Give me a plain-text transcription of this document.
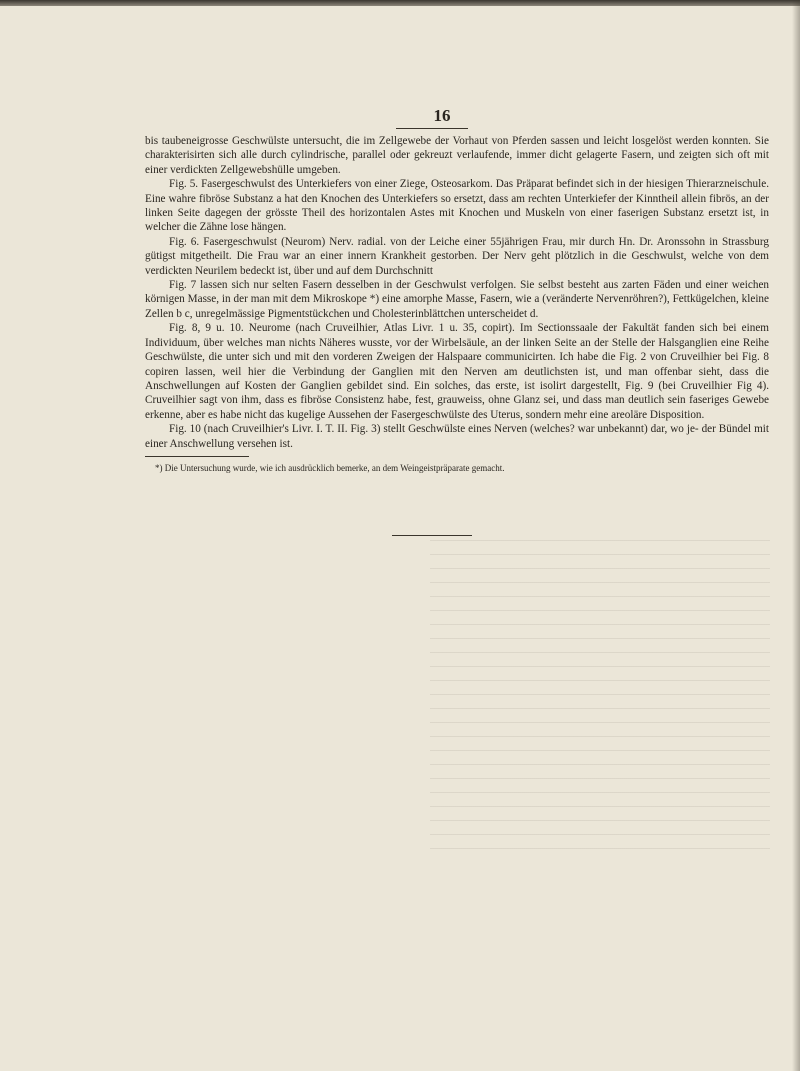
16

bis taubeneigrosse Geschwülste untersucht, die im Zellgewebe der Vorhaut von Pferden sassen und leicht losgelöst werden konnten. Sie charakterisirten sich alle durch cylindrische, parallel oder gekreuzt verlaufende, immer dicht gelagerte Fasern, und zeigten sich oft mit einer verdickten Zellgewebshülle umgeben.

Fig. 5. Fasergeschwulst des Unterkiefers von einer Ziege, Osteosarkom. Das Präparat befindet sich in der hiesigen Thierarzneischule. Eine wahre fibröse Substanz a hat den Knochen des Unterkiefers so ersetzt, dass am rechten Unterkiefer der Kinntheil allein fibrös, an der linken Seite dagegen der grösste Theil des horizontalen Astes mit Knochen und Muskeln von einer faserigen Substanz ersetzt ist, in welcher die Zähne lose hängen.

Fig. 6. Fasergeschwulst (Neurom) Nerv. radial. von der Leiche einer 55jährigen Frau, mir durch Hn. Dr. Aronssohn in Strassburg gütigst mitgetheilt. Die Frau war an einer innern Krankheit gestorben. Der Nerv geht plötzlich in die Geschwulst, welche von dem verdickten Neurilem bedeckt ist, über und auf dem Durchschnitt

Fig. 7 lassen sich nur selten Fasern desselben in der Geschwulst verfolgen. Sie selbst besteht aus zarten Fäden und einer weichen körnigen Masse, in der man mit dem Mikroskope *) eine amorphe Masse, Fasern, wie a (veränderte Nervenröhren?), Fettkügelchen, kleine Zellen b c, unregelmässige Pigmentstückchen und Cholesterinblättchen unterscheidet d.

Fig. 8, 9 u. 10. Neurome (nach Cruveilhier, Atlas Livr. 1 u. 35, copirt). Im Sectionssaale der Fakultät fanden sich bei einem Individuum, über welches man nichts Näheres wusste, vor der Wirbelsäule, an der linken Seite an der Stelle der Halsganglien eine Reihe Geschwülste, die unter sich und mit den vorderen Zweigen der Halspaare communicirten. Ich habe die Fig. 2 von Cruveilhier bei Fig. 8 copiren lassen, weil hier die Verbindung der Ganglien mit den Nerven am deutlichsten ist, und man offenbar sieht, dass die Anschwellungen auf Kosten der Ganglien gebildet sind. Ein solches, das erste, ist isolirt dargestellt, Fig. 9 (bei Cruveilhier Fig 4). Cruveilhier sagt von ihm, dass es fibröse Consistenz habe, fest, grauweiss, ohne Glanz sei, und dass man deutlich sein faseriges Gewebe erkenne, aber es habe nicht das kugelige Aussehen der Fasergeschwülste des Uterus, sondern mehr eine areoläre Disposition.

Fig. 10 (nach Cruveilhier's Livr. I. T. II. Fig. 3) stellt Geschwülste eines Nerven (welches? war unbekannt) dar, wo je- der Bündel mit einer Anschwellung versehen ist.

*) Die Untersuchung wurde, wie ich ausdrücklich bemerke, an dem Weingeistpräparate gemacht.
